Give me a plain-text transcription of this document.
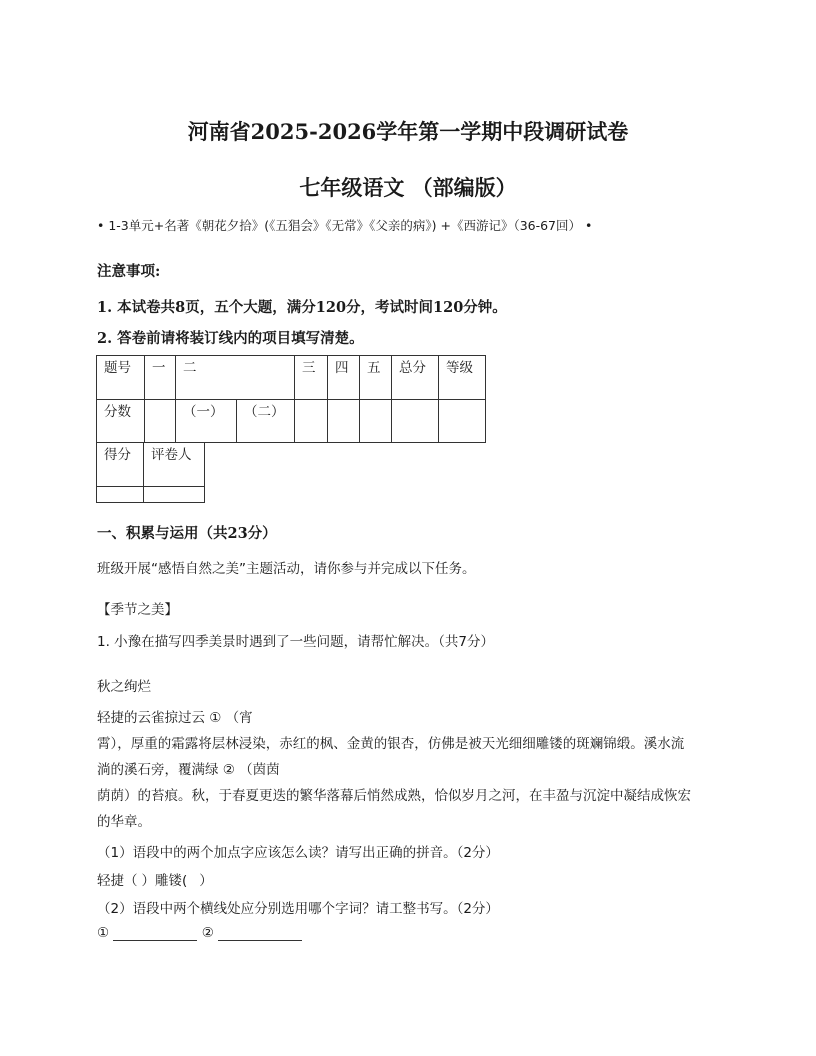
河南省2025-2026学年第一学期中段调研试卷
七年级语文 （部编版）
• 1-3单元+名著《朝花夕拾》(《五猖会》《无常》《父亲的病》) +《西游记》（36-67回） •
注意事项:
1. 本试卷共8页，五个大题，满分120分，考试时间120分钟。
2. 答卷前请将装订线内的项目填写清楚。
题号	一	二		三	四	五	总分	等级
分数		（一）	（二）					
得分	评卷人

一、积累与运用（共23分）
班级开展“感悟自然之美”主题活动，请你参与并完成以下任务。
【季节之美】
1. 小豫在描写四季美景时遇到了一些问题，请帮忙解决。（共7分）
秋之绚烂
轻捷的云雀掠过云 ① （宵
霄），厚重的霜露将层林浸染，赤红的枫、金黄的银杏，仿佛是被天光细细雕镂的斑斓锦缎。溪水流
淌的溪石旁，覆满绿 ② （茵茵
荫荫）的苔痕。秋，于春夏更迭的繁华落幕后悄然成熟，恰似岁月之河，在丰盈与沉淀中凝结成恢宏
的华章。
（1）语段中的两个加点字应该怎么读？请写出正确的拼音。（2分）
轻捷（ ）雕镂( ）
（2）语段中两个横线处应分别选用哪个字词？请工整书写。（2分）
①	②
